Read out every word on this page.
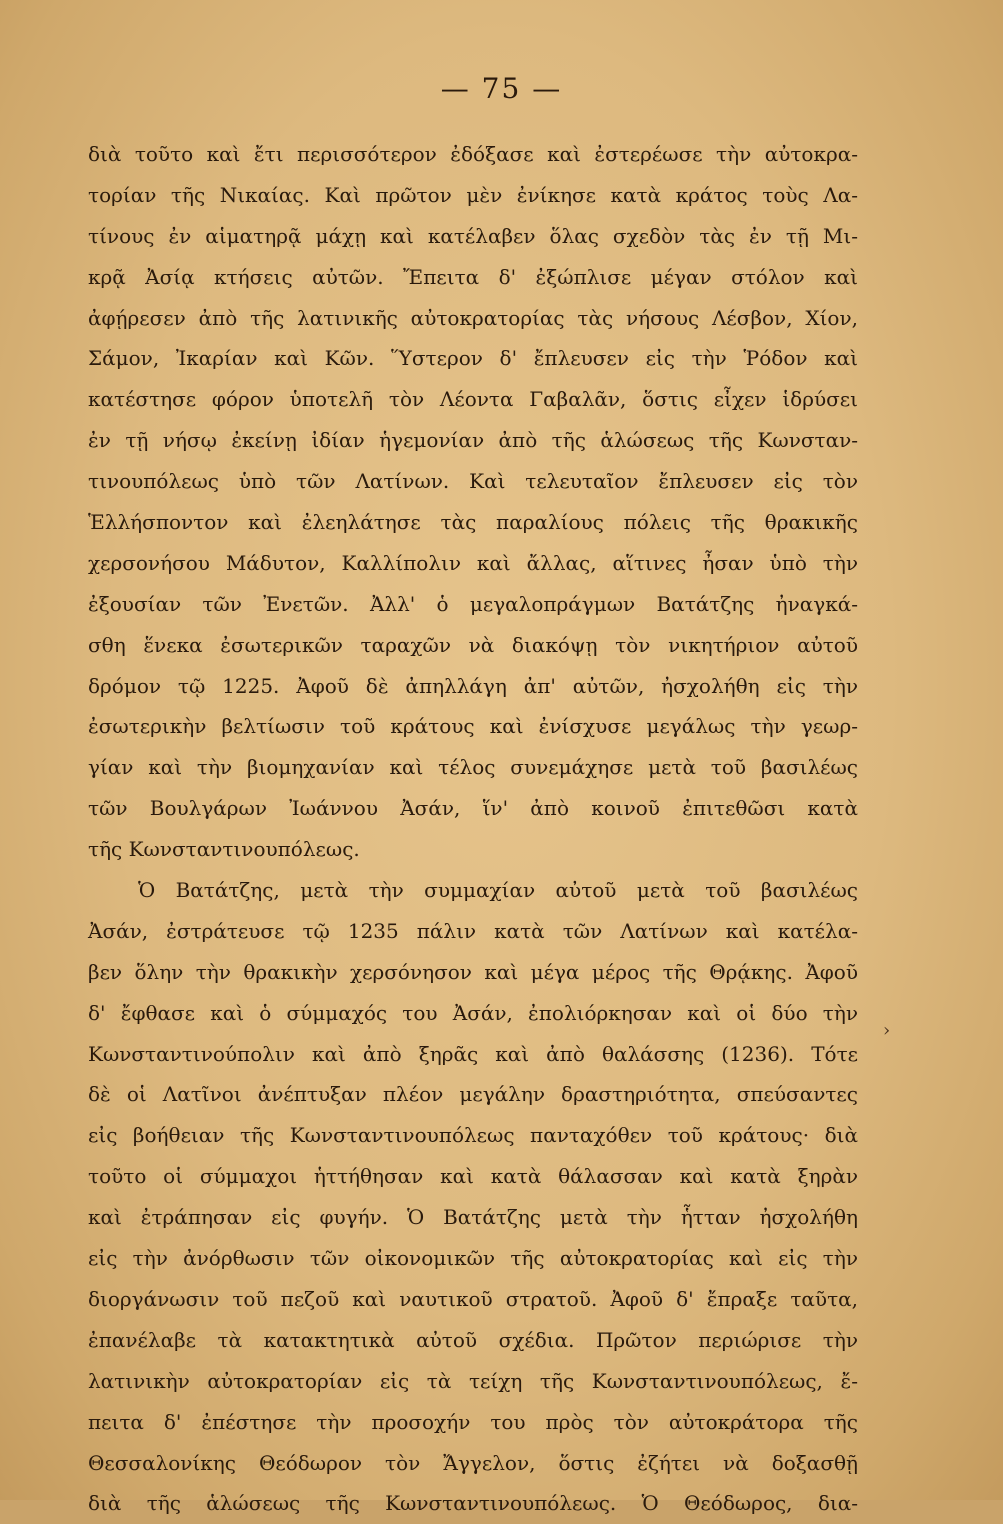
— 75 —
διὰ τοῦτο καὶ ἔτι περισσότερον ἐδόξασε καὶ ἐστερέωσε τὴν αὐτοκρα-
τορίαν τῆς Νικαίας. Καὶ πρῶτον μὲν ἐνίκησε κατὰ κράτος τοὺς Λα-
τίνους ἐν αἱματηρᾷ μάχῃ καὶ κατέλαβεν ὅλας σχεδὸν τὰς ἐν τῇ Μι-
κρᾷ Ἀσίᾳ κτήσεις αὐτῶν. Ἔπειτα δ' ἐξώπλισε μέγαν στόλον καὶ
ἀφῄρεσεν ἀπὸ τῆς λατινικῆς αὐτοκρατορίας τὰς νήσους Λέσβον, Χίον,
Σάμον, Ἰκαρίαν καὶ Κῶν. Ὕστερον δ' ἔπλευσεν εἰς τὴν Ῥόδον καὶ
κατέστησε φόρον ὑποτελῆ τὸν Λέοντα Γαβαλᾶν, ὅστις εἶχεν ἱδρύσει
ἐν τῇ νήσῳ ἐκείνῃ ἰδίαν ἡγεμονίαν ἀπὸ τῆς ἁλώσεως τῆς Κωνσταν-
τινουπόλεως ὑπὸ τῶν Λατίνων. Καὶ τελευταῖον ἔπλευσεν εἰς τὸν
Ἑλλήσποντον καὶ ἐλεηλάτησε τὰς παραλίους πόλεις τῆς θρακικῆς
χερσονήσου Μάδυτον, Καλλίπολιν καὶ ἄλλας, αἵτινες ἦσαν ὑπὸ τὴν
ἐξουσίαν τῶν Ἐνετῶν. Ἀλλ' ὁ μεγαλοπράγμων Βατάτζης ἠναγκά-
σθη ἕνεκα ἐσωτερικῶν ταραχῶν νὰ διακόψῃ τὸν νικητήριον αὐτοῦ
δρόμον τῷ 1225. Ἀφοῦ δὲ ἀπηλλάγη ἀπ' αὐτῶν, ἠσχολήθη εἰς τὴν
ἐσωτερικὴν βελτίωσιν τοῦ κράτους καὶ ἐνίσχυσε μεγάλως τὴν γεωρ-
γίαν καὶ τὴν βιομηχανίαν καὶ τέλος συνεμάχησε μετὰ τοῦ βασιλέως
τῶν Βουλγάρων Ἰωάννου Ἀσάν, ἵν' ἀπὸ κοινοῦ ἐπιτεθῶσι κατὰ
τῆς Κωνσταντινουπόλεως.
Ὁ Βατάτζης, μετὰ τὴν συμμαχίαν αὐτοῦ μετὰ τοῦ βασιλέως
Ἀσάν, ἐστράτευσε τῷ 1235 πάλιν κατὰ τῶν Λατίνων καὶ κατέλα-
βεν ὅλην τὴν θρακικὴν χερσόνησον καὶ μέγα μέρος τῆς Θρᾴκης. Ἀφοῦ
δ' ἔφθασε καὶ ὁ σύμμαχός του Ἀσάν, ἐπολιόρκησαν καὶ οἱ δύο τὴν
Κωνσταντινούπολιν καὶ ἀπὸ ξηρᾶς καὶ ἀπὸ θαλάσσης (1236). Τότε
δὲ οἱ Λατῖνοι ἀνέπτυξαν πλέον μεγάλην δραστηριότητα, σπεύσαντες
εἰς βοήθειαν τῆς Κωνσταντινουπόλεως πανταχόθεν τοῦ κράτους· διὰ
τοῦτο οἱ σύμμαχοι ἡττήθησαν καὶ κατὰ θάλασσαν καὶ κατὰ ξηρὰν
καὶ ἐτράπησαν εἰς φυγήν. Ὁ Βατάτζης μετὰ τὴν ἧτταν ἠσχολήθη
εἰς τὴν ἀνόρθωσιν τῶν οἰκονομικῶν τῆς αὐτοκρατορίας καὶ εἰς τὴν
διοργάνωσιν τοῦ πεζοῦ καὶ ναυτικοῦ στρατοῦ. Ἀφοῦ δ' ἔπραξε ταῦτα,
ἐπανέλαβε τὰ κατακτητικὰ αὐτοῦ σχέδια. Πρῶτον περιώρισε τὴν
λατινικὴν αὐτοκρατορίαν εἰς τὰ τείχη τῆς Κωνσταντινουπόλεως, ἔ-
πειτα δ' ἐπέστησε τὴν προσοχήν του πρὸς τὸν αὐτοκράτορα τῆς
Θεσσαλονίκης Θεόδωρον τὸν Ἄγγελον, ὅστις ἐζήτει νὰ δοξασθῇ
διὰ τῆς ἁλώσεως τῆς Κωνσταντινουπόλεως. Ὁ Θεόδωρος, δια-
›
